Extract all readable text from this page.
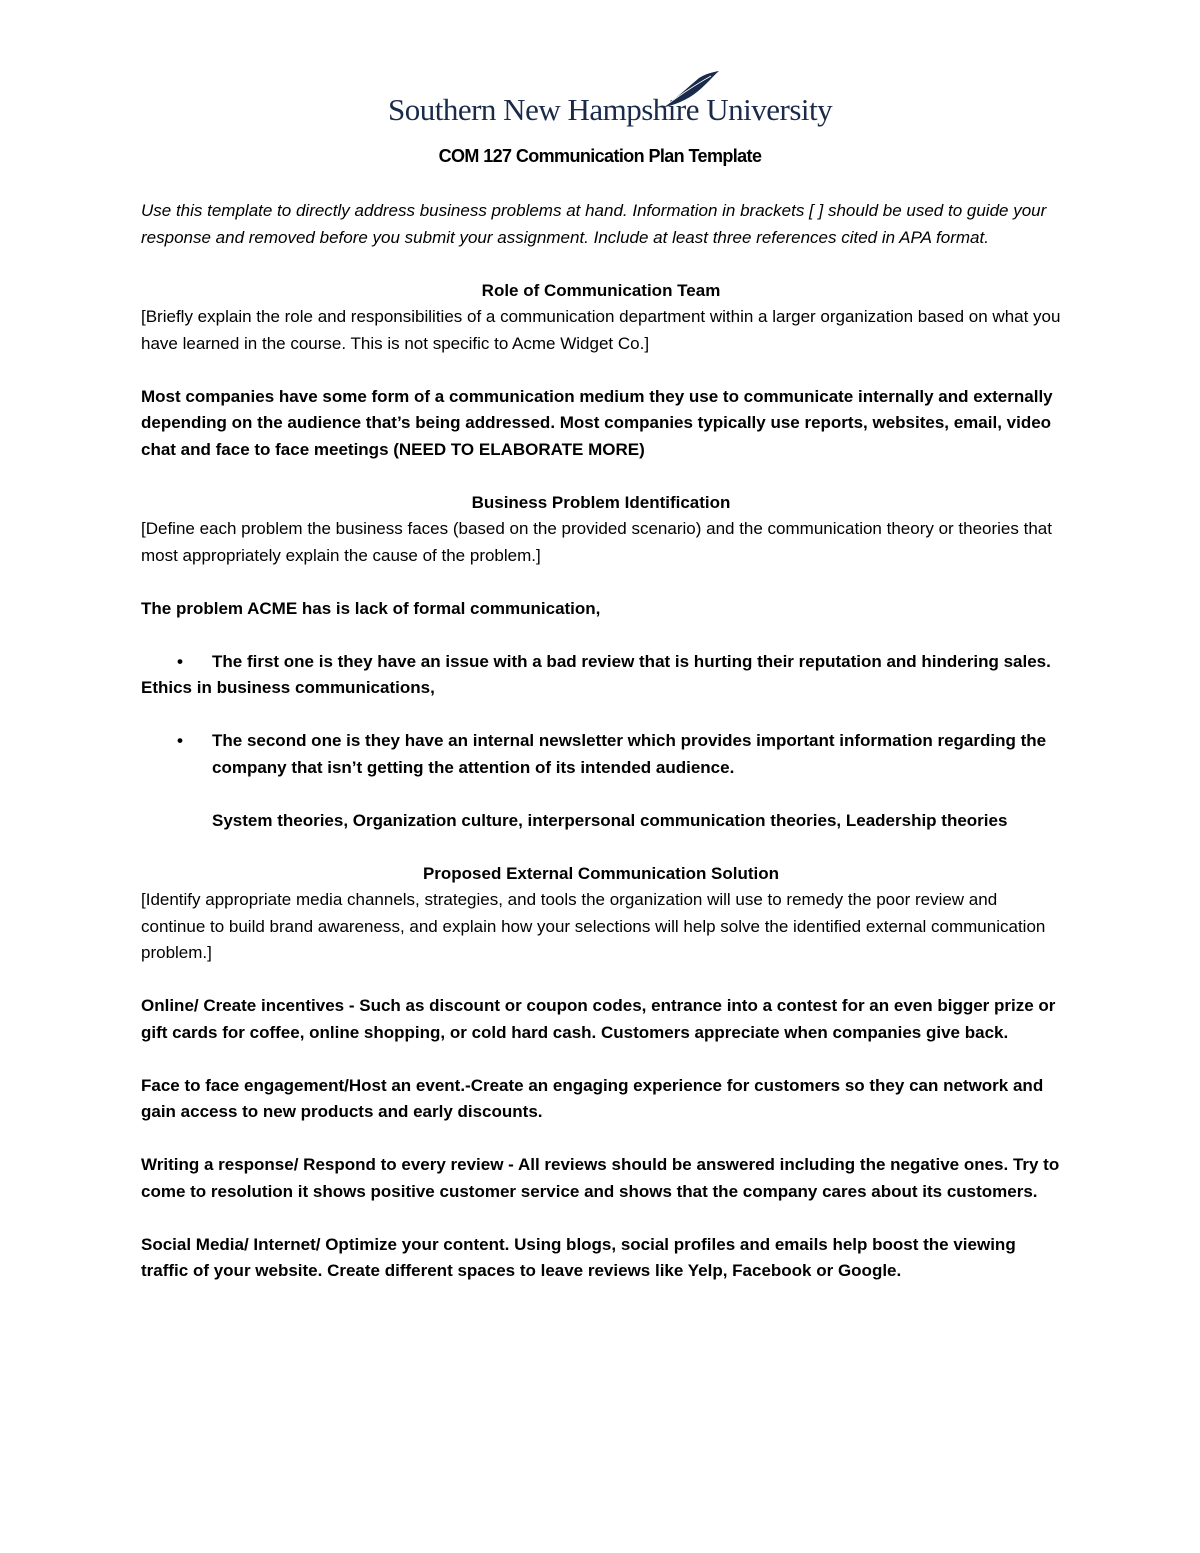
Southern New Hampshire University
COM 127 Communication Plan Template

Use this template to directly address business problems at hand. Information in brackets [ ] should be used to guide your response and removed before you submit your assignment. Include at least three references cited in APA format.

Role of Communication Team

[Briefly explain the role and responsibilities of a communication department within a larger organization based on what you have learned in the course. This is not specific to Acme Widget Co.]

Most companies have some form of a communication medium they use to communicate internally and externally depending on the audience that’s being addressed. Most companies typically use reports, websites, email, video chat and face to face meetings (NEED TO ELABORATE MORE)

Business Problem Identification

[Define each problem the business faces (based on the provided scenario) and the communication theory or theories that most appropriately explain the cause of the problem.]

The problem ACME has is lack of formal communication,

• The first one is they have an issue with a bad review that is hurting their reputation and hindering sales.

Ethics in business communications,

• The second one is they have an internal newsletter which provides important information regarding the company that isn’t getting the attention of its intended audience.

System theories, Organization culture, interpersonal communication theories, Leadership theories

Proposed External Communication Solution

[Identify appropriate media channels, strategies, and tools the organization will use to remedy the poor review and continue to build brand awareness, and explain how your selections will help solve the identified external communication problem.]

Online/ Create incentives - Such as discount or coupon codes, entrance into a contest for an even bigger prize or gift cards for coffee, online shopping, or cold hard cash. Customers appreciate when companies give back.

Face to face engagement/Host an event.-Create an engaging experience for customers so they can network and gain access to new products and early discounts.

Writing a response/ Respond to every review - All reviews should be answered including the negative ones. Try to come to resolution it shows positive customer service and shows that the company cares about its customers.

Social Media/ Internet/ Optimize your content. Using blogs, social profiles and emails help boost the viewing traffic of your website. Create different spaces to leave reviews like Yelp, Facebook or Google.
